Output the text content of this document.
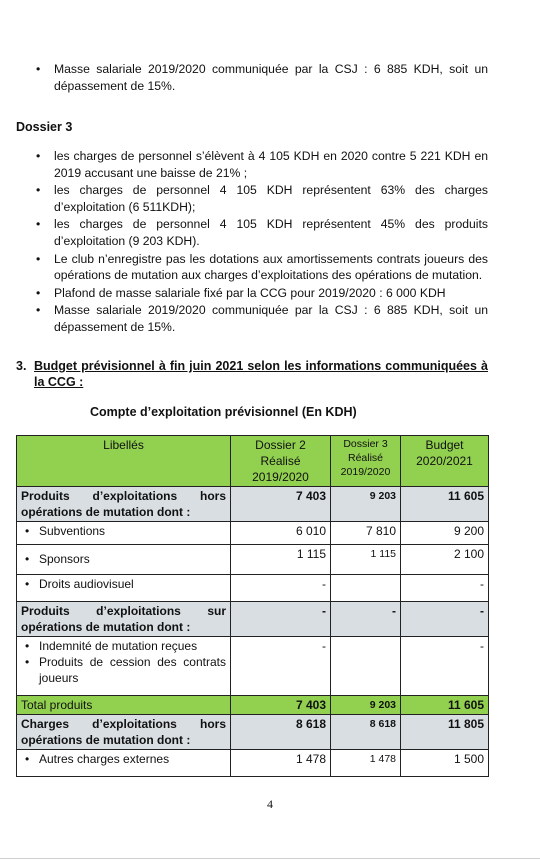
• Masse salariale 2019/2020 communiquée par la CSJ : 6 885 KDH, soit un dépassement de 15%.
Dossier 3
• les charges de personnel s’élèvent à 4 105 KDH en 2020 contre 5 221 KDH en 2019 accusant une baisse de 21% ;
• les charges de personnel 4 105 KDH représentent 63% des charges d’exploitation (6 511KDH);
• les charges de personnel 4 105 KDH représentent 45% des produits d’exploitation (9 203 KDH).
• Le club n’enregistre pas les dotations aux amortissements contrats joueurs des opérations de mutation aux charges d’exploitations des opérations de mutation.
• Plafond de masse salariale fixé par la CCG pour 2019/2020 : 6 000 KDH
• Masse salariale 2019/2020 communiquée par la CSJ : 6 885 KDH, soit un dépassement de 15%.
3. Budget prévisionnel à fin juin 2021 selon les informations communiquées à la CCG :
Compte d’exploitation prévisionnel (En KDH)
Libellés	Dossier 2 Réalisé 2019/2020	Dossier 3 Réalisé 2019/2020	Budget 2020/2021
Produits d’exploitations hors opérations de mutation dont :	7 403	9 203	11 605

• Subventions	6 010	7 810	9 200

• Sponsors	1 115	1 115	2 100

• Droits audiovisuel	-		-
Produits d’exploitations sur opérations de mutation dont :	-	-	-

• Indemnité de mutation reçues
• Produits de cession des contrats joueurs	-		-
Total produits	7 403	9 203	11 605
Charges d’exploitations hors opérations de mutation dont :	8 618	8 618	11 805

• Autres charges externes	1 478	1 478	1 500
4
